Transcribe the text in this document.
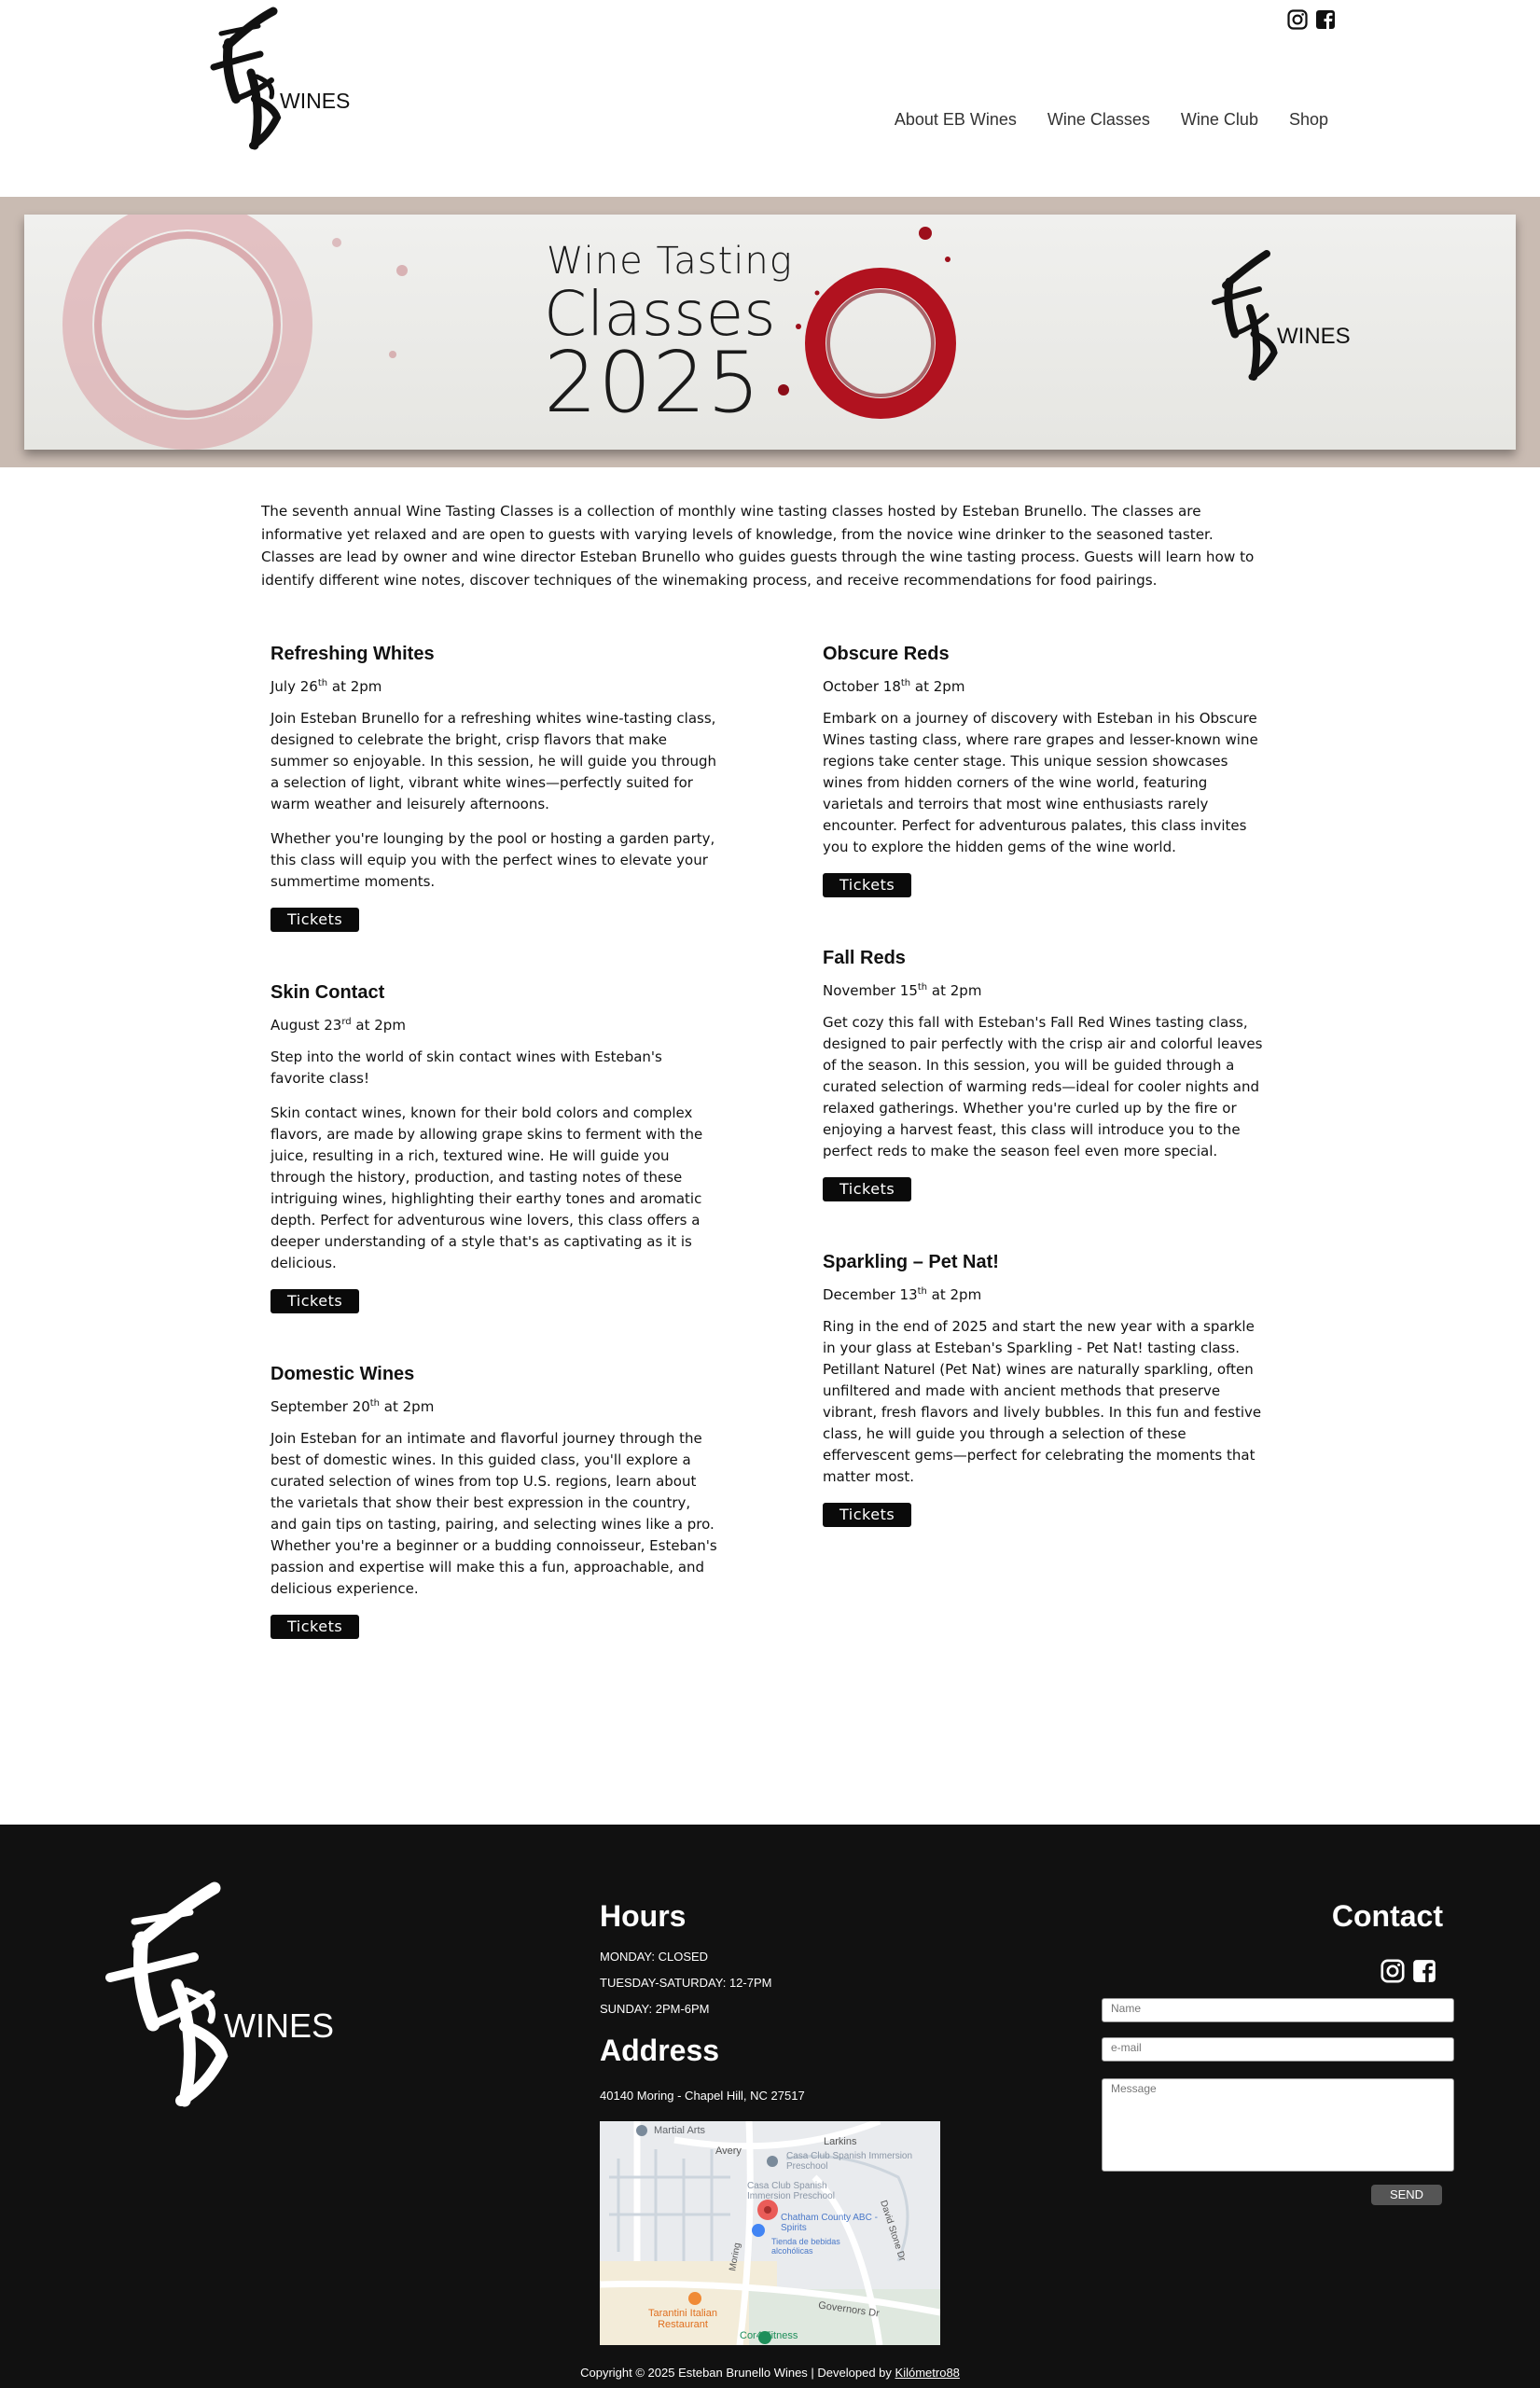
WINES
About EB Wines Wine Classes Wine Club Shop
Wine Tasting
Classes
2025	WINES

The seventh annual Wine Tasting Classes is a collection of monthly wine tasting classes hosted by Esteban Brunello. The classes are informative yet relaxed and are open to guests with varying levels of knowledge, from the novice wine drinker to the seasoned taster. Classes are lead by owner and wine director Esteban Brunello who guides guests through the wine tasting process. Guests will learn how to identify different wine notes, discover techniques of the winemaking process, and receive recommendations for food pairings.

Refreshing Whites
July 26th at 2pm

Join Esteban Brunello for a refreshing whites wine-tasting class, designed to celebrate the bright, crisp flavors that make summer so enjoyable. In this session, he will guide you through a selection of light, vibrant white wines—perfectly suited for warm weather and leisurely afternoons.

Whether you're lounging by the pool or hosting a garden party, this class will equip you with the perfect wines to elevate your summertime moments.

Tickets
Skin Contact
August 23rd at 2pm

Step into the world of skin contact wines with Esteban's favorite class!

Skin contact wines, known for their bold colors and complex flavors, are made by allowing grape skins to ferment with the juice, resulting in a rich, textured wine. He will guide you through the history, production, and tasting notes of these intriguing wines, highlighting their earthy tones and aromatic depth. Perfect for adventurous wine lovers, this class offers a deeper understanding of a style that's as captivating as it is delicious.

Tickets
Domestic Wines
September 20th at 2pm

Join Esteban for an intimate and flavorful journey through the best of domestic wines. In this guided class, you'll explore a curated selection of wines from top U.S. regions, learn about the varietals that show their best expression in the country, and gain tips on tasting, pairing, and selecting wines like a pro. Whether you're a beginner or a budding connoisseur, Esteban's passion and expertise will make this a fun, approachable, and delicious experience.

Tickets
Obscure Reds
October 18th at 2pm

Embark on a journey of discovery with Esteban in his Obscure Wines tasting class, where rare grapes and lesser-known wine regions take center stage. This unique session showcases wines from hidden corners of the wine world, featuring varietals and terroirs that most wine enthusiasts rarely encounter. Perfect for adventurous palates, this class invites you to explore the hidden gems of the wine world.

Tickets
Fall Reds
November 15th at 2pm

Get cozy this fall with Esteban's Fall Red Wines tasting class, designed to pair perfectly with the crisp air and colorful leaves of the season. In this session, you will be guided through a curated selection of warming reds—ideal for cooler nights and relaxed gatherings. Whether you're curled up by the fire or enjoying a harvest feast, this class will introduce you to the perfect reds to make the season feel even more special.

Tickets
Sparkling – Pet Nat!
December 13th at 2pm

Ring in the end of 2025 and start the new year with a sparkle in your glass at Esteban's Sparkling - Pet Nat! tasting class. Petillant Naturel (Pet Nat) wines are naturally sparkling, often unfiltered and made with ancient methods that preserve vibrant, fresh flavors and lively bubbles. In this fun and festive class, he will guide you through a selection of these effervescent gems—perfect for celebrating the moments that matter most.

Tickets
WINES
Hours
MONDAY: CLOSED
TUESDAY-SATURDAY: 12-7PM
SUNDAY: 2PM-6PM
Address
40140 Moring - Chapel Hill, NC 27517
Martial Arts
Avery
Larkins
Casa Club Spanish Immersion Preschool
Casa Club Spanish Immersion Preschool
Chatham County ABC - Spirits
Tienda de bebidas alcohólicas	David Stone Dr
Moring
Tarantini Italian Restaurant
Cor4 Fitness
Governors Dr
Contact
Name
e-mail
Message
SEND
Copyright © 2025 Esteban Brunello Wines | Developed by Kilómetro88
